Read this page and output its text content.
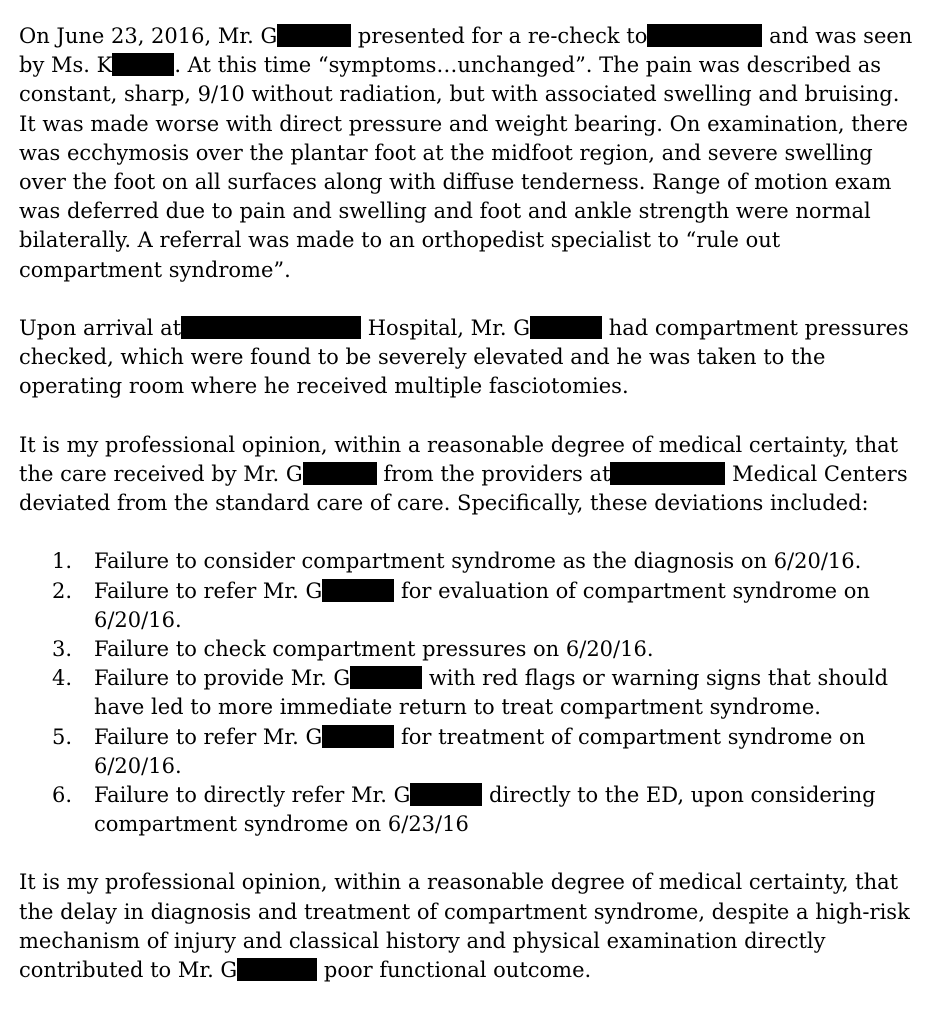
On June 23, 2016, Mr. G	presented for a re-check to	and was seen
by Ms. K	. At this time “symptoms…unchanged”. The pain was described as
constant, sharp, 9/10 without radiation, but with associated swelling and bruising.
It was made worse with direct pressure and weight bearing. On examination, there
was ecchymosis over the plantar foot at the midfoot region, and severe swelling
over the foot on all surfaces along with diffuse tenderness. Range of motion exam
was deferred due to pain and swelling and foot and ankle strength were normal
bilaterally. A referral was made to an orthopedist specialist to “rule out
compartment syndrome”.
Upon arrival at	Hospital, Mr. G	had compartment pressures
checked, which were found to be severely elevated and he was taken to the
operating room where he received multiple fasciotomies.
It is my professional opinion, within a reasonable degree of medical certainty, that
the care received by Mr. G	from the providers at	Medical Centers
deviated from the standard care of care. Specifically, these deviations included:
1.	Failure to consider compartment syndrome as the diagnosis on 6/20/16.
2.	Failure to refer Mr. G	for evaluation of compartment syndrome on
6/20/16.
3.	Failure to check compartment pressures on 6/20/16.
4.	Failure to provide Mr. G	with red flags or warning signs that should
have led to more immediate return to treat compartment syndrome.
5.	Failure to refer Mr. G	for treatment of compartment syndrome on
6/20/16.
6.	Failure to directly refer Mr. G	directly to the ED, upon considering
compartment syndrome on 6/23/16
It is my professional opinion, within a reasonable degree of medical certainty, that
the delay in diagnosis and treatment of compartment syndrome, despite a high-risk
mechanism of injury and classical history and physical examination directly
contributed to Mr. G	poor functional outcome.
